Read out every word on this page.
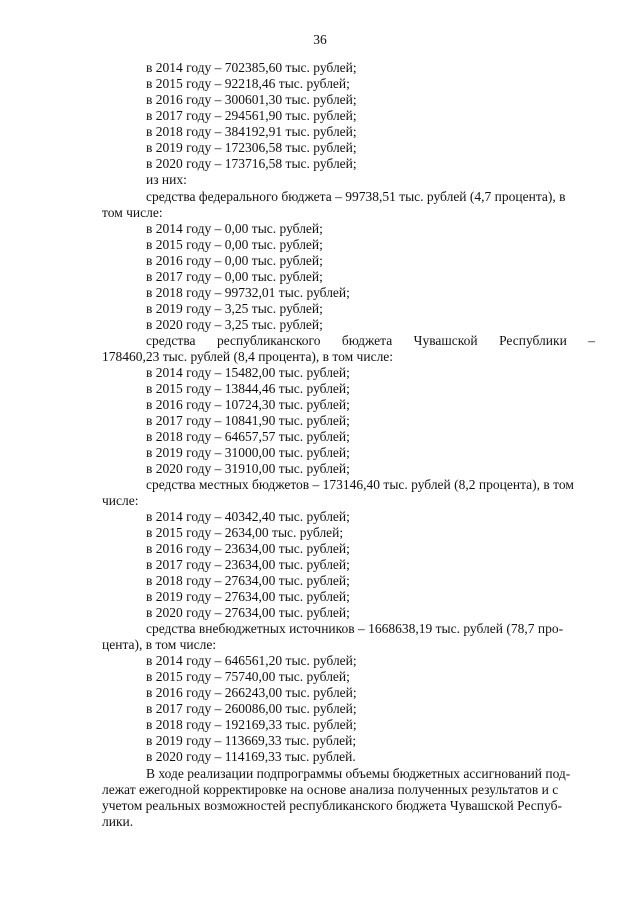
36
в 2014 году – 702385,60 тыс. рублей;
в 2015 году – 92218,46 тыс. рублей;
в 2016 году – 300601,30 тыс. рублей;
в 2017 году – 294561,90 тыс. рублей;
в 2018 году – 384192,91 тыс. рублей;
в 2019 году – 172306,58 тыс. рублей;
в 2020 году – 173716,58 тыс. рублей;
из них:
средства федерального бюджета – 99738,51 тыс. рублей (4,7 процента), в
том числе:
в 2014 году – 0,00 тыс. рублей;
в 2015 году – 0,00 тыс. рублей;
в 2016 году – 0,00 тыс. рублей;
в 2017 году – 0,00 тыс. рублей;
в 2018 году – 99732,01 тыс. рублей;
в 2019 году – 3,25 тыс. рублей;
в 2020 году – 3,25 тыс. рублей;
средства республиканского бюджета Чувашской Республики –
178460,23 тыс. рублей (8,4 процента), в том числе:
в 2014 году – 15482,00 тыс. рублей;
в 2015 году – 13844,46 тыс. рублей;
в 2016 году – 10724,30 тыс. рублей;
в 2017 году – 10841,90 тыс. рублей;
в 2018 году – 64657,57 тыс. рублей;
в 2019 году – 31000,00 тыс. рублей;
в 2020 году – 31910,00 тыс. рублей;
средства местных бюджетов – 173146,40 тыс. рублей (8,2 процента), в том
числе:
в 2014 году – 40342,40 тыс. рублей;
в 2015 году – 2634,00 тыс. рублей;
в 2016 году – 23634,00 тыс. рублей;
в 2017 году – 23634,00 тыс. рублей;
в 2018 году – 27634,00 тыс. рублей;
в 2019 году – 27634,00 тыс. рублей;
в 2020 году – 27634,00 тыс. рублей;
средства внебюджетных источников – 1668638,19 тыс. рублей (78,7 про-
цента), в том числе:
в 2014 году – 646561,20 тыс. рублей;
в 2015 году – 75740,00 тыс. рублей;
в 2016 году – 266243,00 тыс. рублей;
в 2017 году – 260086,00 тыс. рублей;
в 2018 году – 192169,33 тыс. рублей;
в 2019 году – 113669,33 тыс. рублей;
в 2020 году – 114169,33 тыс. рублей.
В ходе реализации подпрограммы объемы бюджетных ассигнований под-
лежат ежегодной корректировке на основе анализа полученных результатов и с
учетом реальных возможностей республиканского бюджета Чувашской Респуб-
лики.
